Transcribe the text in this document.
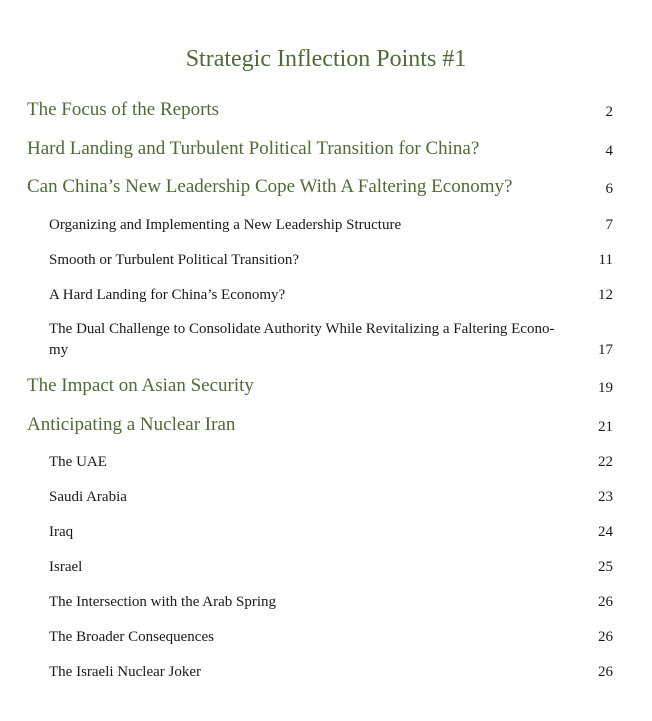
Strategic Inflection Points #1
The Focus of the Reports	2
Hard Landing and Turbulent Political Transition for China?	4
Can China’s New Leadership Cope With A Faltering Economy?	6
Organizing and Implementing a New Leadership Structure	7
Smooth or Turbulent Political Transition?	11
A Hard Landing for China’s Economy?	12
The Dual Challenge to Consolidate Authority While Revitalizing a Faltering Econo-
my	17
The Impact on Asian Security	19
Anticipating a Nuclear Iran	21
The UAE	22
Saudi Arabia	23
Iraq	24
Israel	25
The Intersection with the Arab Spring	26
The Broader Consequences	26
The Israeli Nuclear Joker	26
